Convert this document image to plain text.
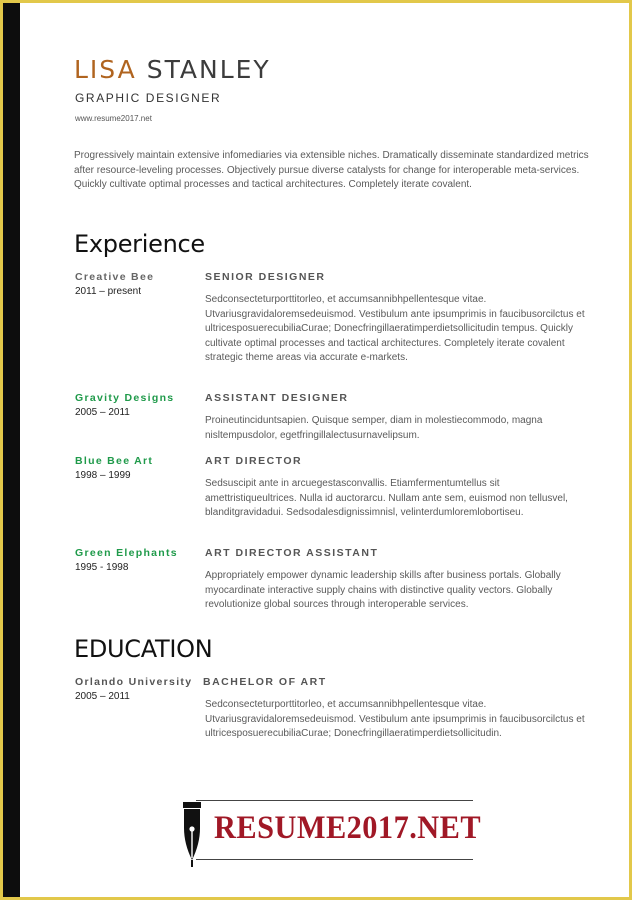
LISA STANLEY
GRAPHIC DESIGNER
www.resume2017.net

Progressively maintain extensive infomediaries via extensible niches. Dramatically disseminate standardized metrics after resource-leveling processes. Objectively pursue diverse catalysts for change for interoperable meta-services. Quickly cultivate optimal processes and tactical architectures. Completely iterate covalent.

Experience
Creative Bee
2011 – present
SENIOR DESIGNER

Sedconsecteturporttitorleo, et accumsannibhpellentesque vitae. Utvariusgravidaloremsedeuismod. Vestibulum ante ipsumprimis in faucibusorcilctus et ultricesposuerecubiliaCurae; Donecfringillaeratimperdietsollicitudin tempus. Quickly cultivate optimal processes and tactical architectures. Completely iterate covalent strategic theme areas via accurate e-markets.

Gravity Designs
2005 – 2011
ASSISTANT DESIGNER

Proineutinciduntsapien. Quisque semper, diam in molestiecommodo, magna nisltempusdolor, egetfringillalectusurnavelipsum.

Blue Bee Art
1998 – 1999
ART DIRECTOR

Sedsuscipit ante in arcuegestasconvallis. Etiamfermentumtellus sit amettristiqueultrices. Nulla id auctorarcu. Nullam ante sem, euismod non tellusvel, blanditgravidadui. Sedsodalesdignissimnisl, velinterdumloremlobortiseu.

Green Elephants
1995 - 1998
ART DIRECTOR ASSISTANT

Appropriately empower dynamic leadership skills after business portals. Globally myocardinate interactive supply chains with distinctive quality vectors. Globally revolutionize global sources through interoperable services.

EDUCATION
Orlando University
2005 – 2011
BACHELOR OF ART

Sedconsecteturporttitorleo, et accumsannibhpellentesque vitae. Utvariusgravidaloremsedeuismod. Vestibulum ante ipsumprimis in faucibusorcilctus et ultricesposuerecubiliaCurae; Donecfringillaeratimperdietsollicitudin.

RESUME2017.NET
